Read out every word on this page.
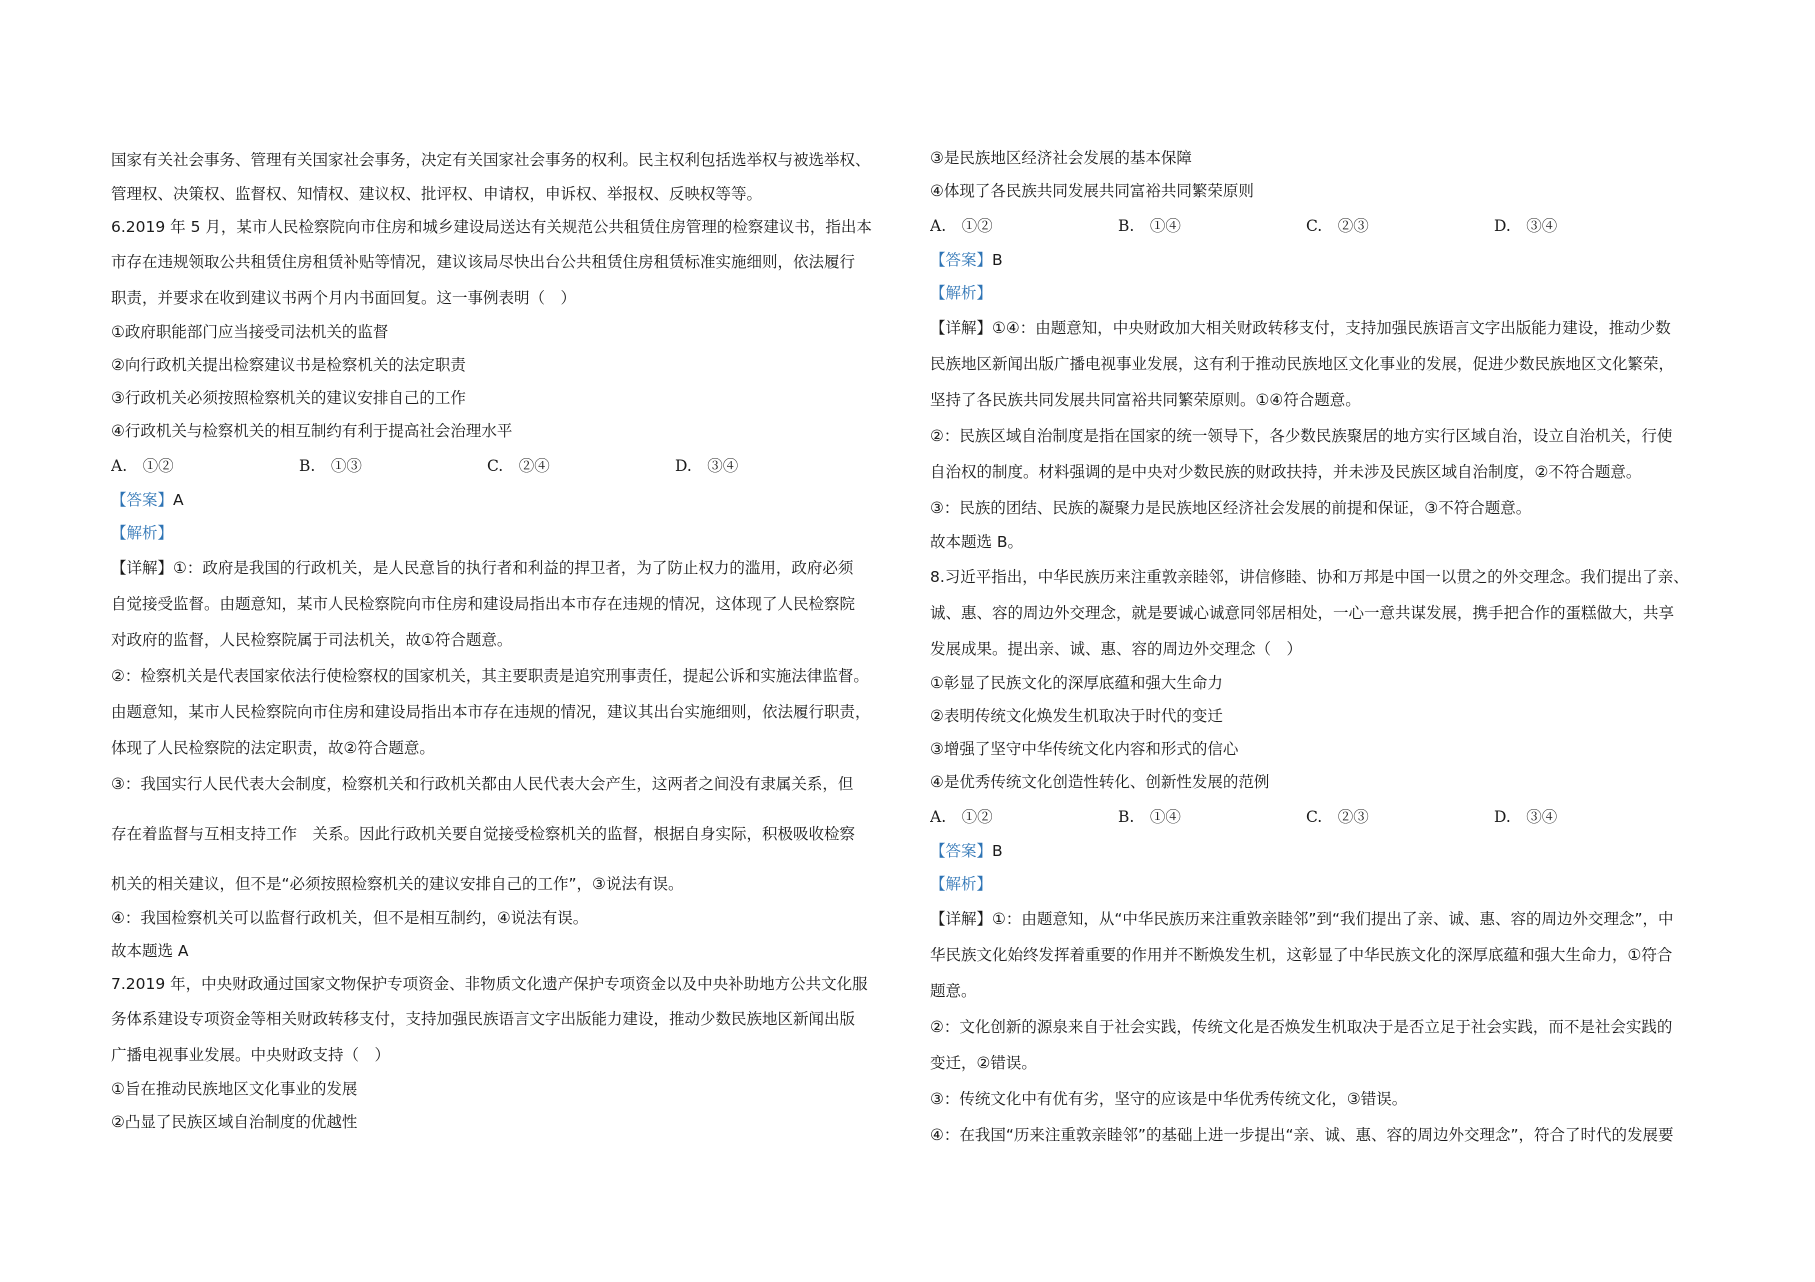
国家有关社会事务、管理有关国家社会事务，决定有关国家社会事务的权利。民主权利包括选举权与被选举权、
管理权、决策权、监督权、知情权、建议权、批评权、申请权，申诉权、举报权、反映权等等。
6.2019 年 5 月，某市人民检察院向市住房和城乡建设局送达有关规范公共租赁住房管理的检察建议书，指出本
市存在违规领取公共租赁住房租赁补贴等情况，建议该局尽快出台公共租赁住房租赁标准实施细则，依法履行
职责，并要求在收到建议书两个月内书面回复。这一事例表明（　）
①政府职能部门应当接受司法机关的监督
②向行政机关提出检察建议书是检察机关的法定职责
③行政机关必须按照检察机关的建议安排自己的工作
④行政机关与检察机关的相互制约有利于提高社会治理水平
A.　①②	B.　①③	C.　②④	D.　③④
【答案】A
【解析】
【详解】①：政府是我国的行政机关，是人民意旨的执行者和利益的捍卫者，为了防止权力的滥用，政府必须
自觉接受监督。由题意知，某市人民检察院向市住房和建设局指出本市存在违规的情况，这体现了人民检察院
对政府的监督，人民检察院属于司法机关，故①符合题意。
②：检察机关是代表国家依法行使检察权的国家机关，其主要职责是追究刑事责任，提起公诉和实施法律监督。
由题意知，某市人民检察院向市住房和建设局指出本市存在违规的情况，建议其出台实施细则，依法履行职责，
体现了人民检察院的法定职责，故②符合题意。
③：我国实行人民代表大会制度，检察机关和行政机关都由人民代表大会产生，这两者之间没有隶属关系，但
存在着监督与互相支持工作　关系。因此行政机关要自觉接受检察机关的监督，根据自身实际，积极吸收检察
机关的相关建议，但不是“必须按照检察机关的建议安排自己的工作”，③说法有误。
④：我国检察机关可以监督行政机关，但不是相互制约，④说法有误。
故本题选 A
7.2019 年，中央财政通过国家文物保护专项资金、非物质文化遗产保护专项资金以及中央补助地方公共文化服
务体系建设专项资金等相关财政转移支付，支持加强民族语言文字出版能力建设，推动少数民族地区新闻出版
广播电视事业发展。中央财政支持（　）
①旨在推动民族地区文化事业的发展
②凸显了民族区域自治制度的优越性
③是民族地区经济社会发展的基本保障
④体现了各民族共同发展共同富裕共同繁荣原则
A.　①②	B.　①④	C.　②③	D.　③④
【答案】B
【解析】
【详解】①④：由题意知，中央财政加大相关财政转移支付，支持加强民族语言文字出版能力建设，推动少数
民族地区新闻出版广播电视事业发展，这有利于推动民族地区文化事业的发展，促进少数民族地区文化繁荣，
坚持了各民族共同发展共同富裕共同繁荣原则。①④符合题意。
②：民族区域自治制度是指在国家的统一领导下，各少数民族聚居的地方实行区域自治，设立自治机关，行使
自治权的制度。材料强调的是中央对少数民族的财政扶持，并未涉及民族区域自治制度，②不符合题意。
③：民族的团结、民族的凝聚力是民族地区经济社会发展的前提和保证，③不符合题意。
故本题选 B。
8.习近平指出，中华民族历来注重敦亲睦邻，讲信修睦、协和万邦是中国一以贯之的外交理念。我们提出了亲、
诚、惠、容的周边外交理念，就是要诚心诚意同邻居相处，一心一意共谋发展，携手把合作的蛋糕做大，共享
发展成果。提出亲、诚、惠、容的周边外交理念（　）
①彰显了民族文化的深厚底蕴和强大生命力
②表明传统文化焕发生机取决于时代的变迁
③增强了坚守中华传统文化内容和形式的信心
④是优秀传统文化创造性转化、创新性发展的范例
A.　①②	B.　①④	C.　②③	D.　③④
【答案】B
【解析】
【详解】①：由题意知，从“中华民族历来注重敦亲睦邻”到“我们提出了亲、诚、惠、容的周边外交理念”，中
华民族文化始终发挥着重要的作用并不断焕发生机，这彰显了中华民族文化的深厚底蕴和强大生命力，①符合
题意。
②：文化创新的源泉来自于社会实践，传统文化是否焕发生机取决于是否立足于社会实践，而不是社会实践的
变迁，②错误。
③：传统文化中有优有劣，坚守的应该是中华优秀传统文化，③错误。
④：在我国“历来注重敦亲睦邻”的基础上进一步提出“亲、诚、惠、容的周边外交理念”，符合了时代的发展要
